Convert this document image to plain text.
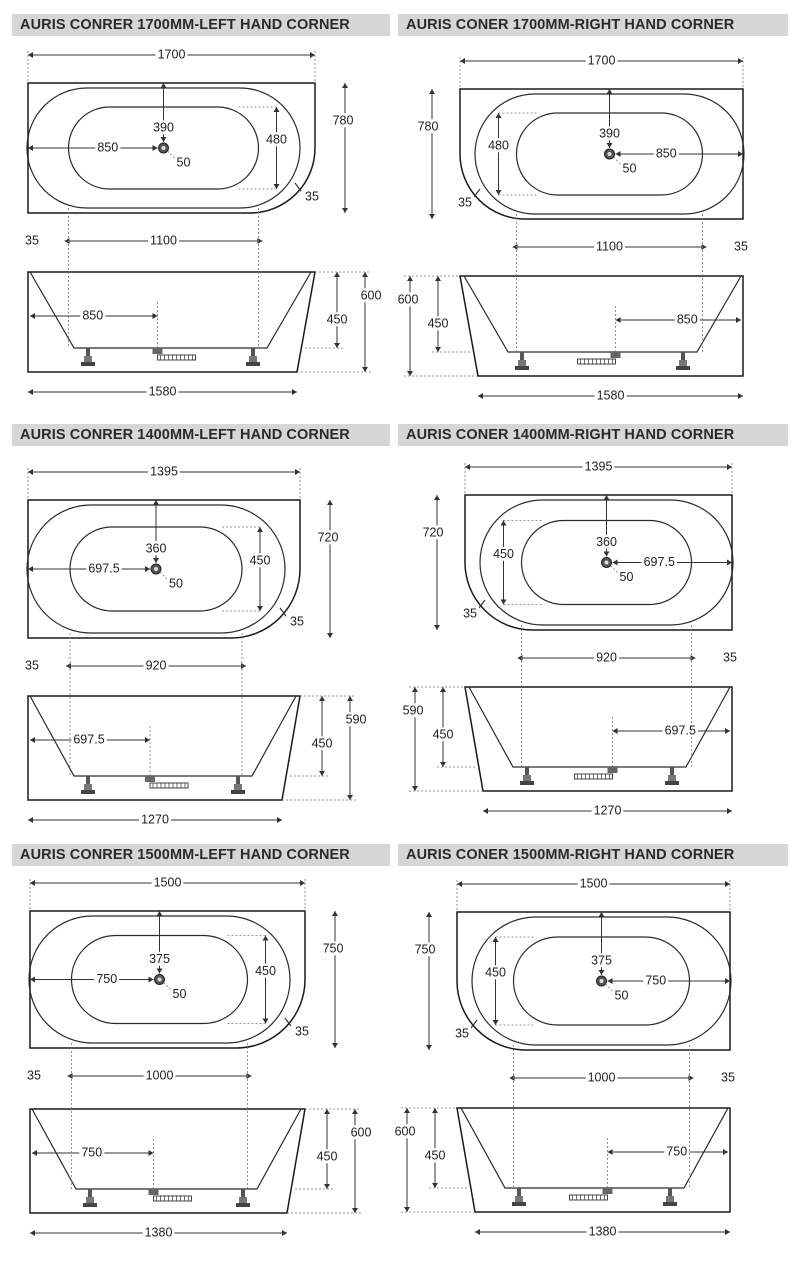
AURIS CONRER 1700MM-LEFT HAND CORNER	AURIS CONER 1700MM-RIGHT HAND CORNER
AURIS CONRER 1400MM-LEFT HAND CORNER	AURIS CONER 1400MM-RIGHT HAND CORNER
AURIS CONRER 1500MM-LEFT HAND CORNER	AURIS CONER 1500MM-RIGHT HAND CORNER
1700
780
480
850
390
50
35
35	1100
850	450
600
1580
1700
780
480
850
390
50
35
35
1100
850
450
600
1580
1395
720
450
697.5
360
50
35
35	920
697.5	450
590
1270
1395
720
450
697.5
360
50
35
35
920
697.5
450
590
1270
1500
750
450
750
375
50
35
35	1000
750	450
600
1380
1500
750
450
750
375
50
35
35
1000
750
450
600
1380
